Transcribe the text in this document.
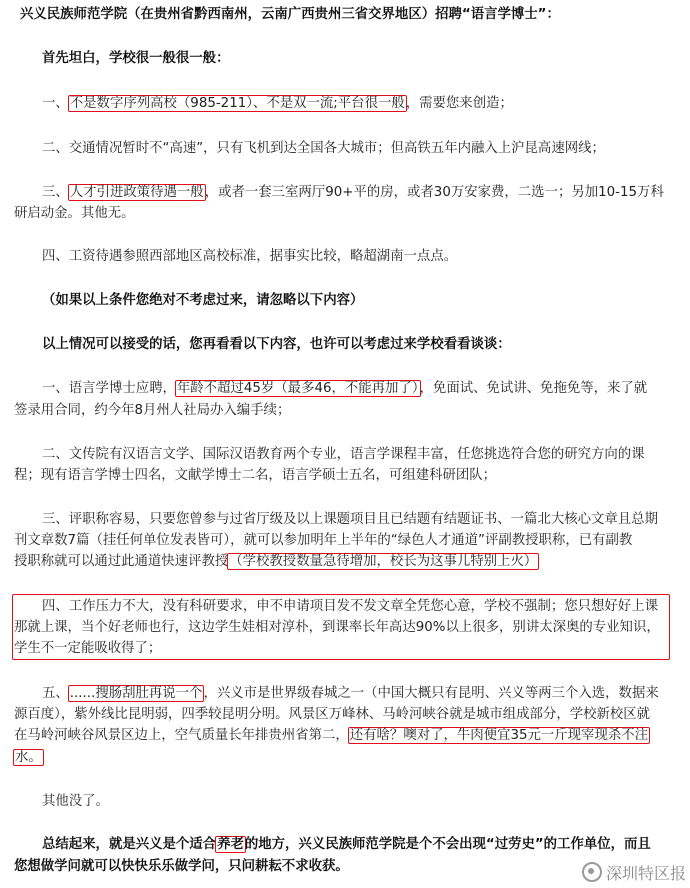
兴义民族师范学院（在贵州省黔西南州，云南广西贵州三省交界地区）招聘“语言学博士”：
首先坦白，学校很一般很一般：
一、不是数字序列高校（985-211）、不是双一流;平台很一般，需要您来创造；
二、交通情况暂时不“高速”，只有飞机到达全国各大城市；但高铁五年内融入上沪昆高速网线；
三、人才引进政策待遇一般，或者一套三室两厅90+平的房，或者30万安家费，二选一；另加10-15万科
研启动金。其他无。
四、工资待遇参照西部地区高校标准，据事实比较，略超湖南一点点。
（如果以上条件您绝对不考虑过来，请忽略以下内容）
以上情况可以接受的话，您再看看以下内容，也许可以考虑过来学校看看谈谈：
一、语言学博士应聘，年龄不超过45岁（最多46，不能再加了），免面试、免试讲、免拖免等，来了就
签录用合同，约今年8月州人社局办入编手续；
二、文传院有汉语言文学、国际汉语教育两个专业，语言学课程丰富，任您挑选符合您的研究方向的课
程；现有语言学博士四名，文献学博士二名，语言学硕士五名，可组建科研团队；
三、评职称容易，只要您曾参与过省厅级及以上课题项目且已结题有结题证书、一篇北大核心文章且总期
刊文章数7篇（挂任何单位发表皆可），就可以参加明年上半年的“绿色人才通道”评副教授职称，已有副教
授职称就可以通过此通道快速评教授（学校教授数量急待增加，校长为这事儿特别上火）
四、工作压力不大，没有科研要求，申不申请项目发不发文章全凭您心意，学校不强制；您只想好好上课
那就上课，当个好老师也行，这边学生娃相对淳朴，到课率长年高达90%以上很多，别讲太深奥的专业知识，
学生不一定能吸收得了；
五、......搜肠刮肚再说一个，兴义市是世界级春城之一（中国大概只有昆明、兴义等两三个入选，数据来
源百度），紫外线比昆明弱，四季较昆明分明。风景区万峰林、马岭河峡谷就是城市组成部分，学校新校区就
在马岭河峡谷风景区边上，空气质量长年排贵州省第二，还有啥？噢对了，牛肉便宜35元一斤现宰现杀不注
水。
其他没了。
总结起来，就是兴义是个适合养老的地方，兴义民族师范学院是个不会出现“过劳史”的工作单位，而且
您想做学问就可以快快乐乐做学问，只问耕耘不求收获。	深圳特区报
